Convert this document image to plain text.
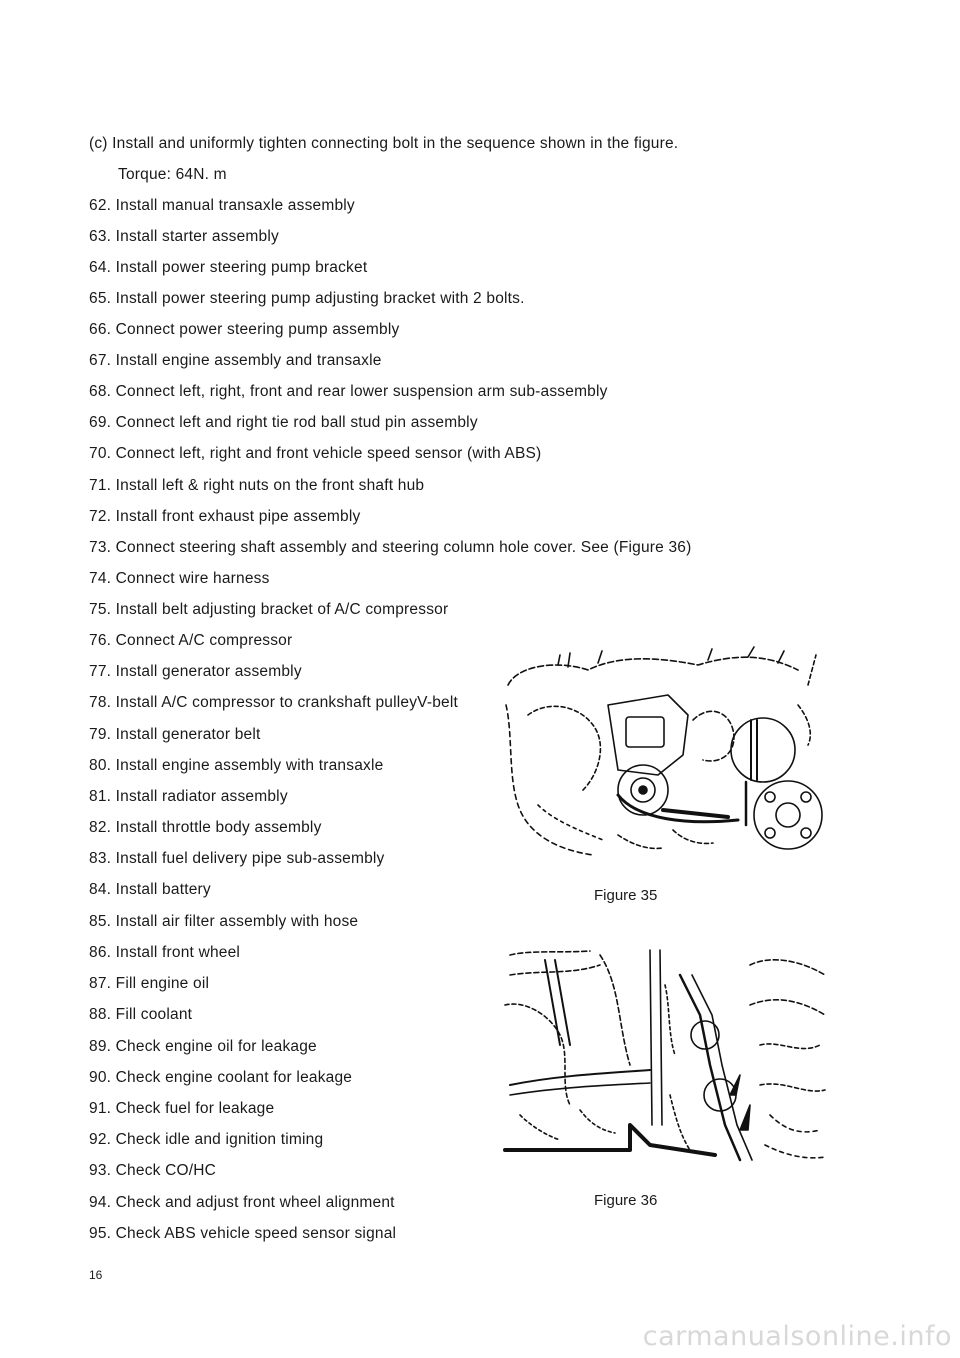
(c) Install and uniformly tighten connecting bolt in the sequence shown in the figure.
Torque: 64N. m
62. Install manual transaxle assembly
63. Install starter assembly
64. Install power steering pump bracket
65. Install power steering pump adjusting bracket with 2 bolts.
66. Connect power steering pump assembly
67. Install engine assembly and transaxle
68. Connect left, right, front and rear lower suspension arm sub-assembly
69. Connect left and right tie rod ball stud pin assembly
70. Connect left, right and front vehicle speed sensor (with ABS)
71. Install left & right nuts on the front shaft hub
72. Install front exhaust pipe assembly
73. Connect steering shaft assembly and steering column hole cover. See (Figure 36)
74. Connect wire harness
75. Install belt adjusting bracket of A/C compressor
76. Connect A/C compressor
77. Install generator assembly
78. Install A/C compressor to crankshaft pulleyV-belt
79. Install generator belt
80. Install engine assembly with transaxle
81. Install radiator assembly
82. Install throttle body assembly
83. Install fuel delivery pipe sub-assembly
84. Install battery
85. Install air filter assembly with hose
86. Install front wheel
87. Fill engine oil
88. Fill coolant
89. Check engine oil for leakage
90. Check engine coolant for leakage
91. Check fuel for leakage
92. Check idle and ignition timing
93. Check CO/HC
94. Check and adjust front wheel alignment
95. Check ABS vehicle speed sensor signal
Figure 35
Figure 36
16
carmanualsonline.info
